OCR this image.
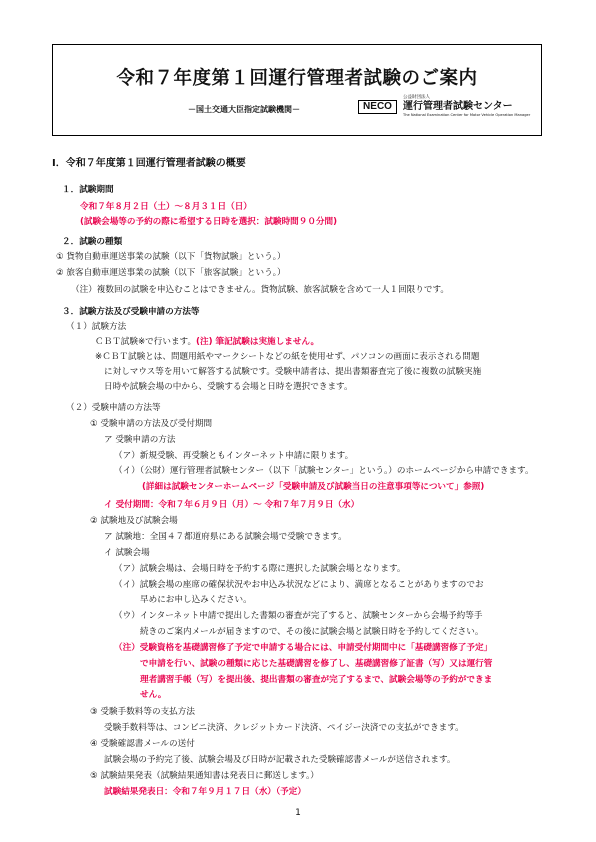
令和７年度第１回運行管理者試験のご案内
－国土交通大臣指定試験機関－	NECO
公益財団法人
運行管理者試験センター
The National Examination Center for Motor Vehicle Operation Manager
Ⅰ．令和７年度第１回運行管理者試験の概要
１．試験期間
令和７年８月２日（土）～８月３１日（日）
(試験会場等の予約の際に希望する日時を選択：試験時間９０分間)
２．試験の種類
① 貨物自動車運送事業の試験（以下「貨物試験」という。）
② 旅客自動車運送事業の試験（以下「旅客試験」という。）
（注）複数回の試験を申込むことはできません。貨物試験、旅客試験を含めて一人１回限りです。
３．試験方法及び受験申請の方法等
（１）試験方法
ＣＢＴ試験※で行います。(注) 筆記試験は実施しません。
※ＣＢＴ試験とは、問題用紙やマークシートなどの紙を使用せず、パソコンの画面に表示される問題
に対しマウス等を用いて解答する試験です。受験申請者は、提出書類審査完了後に複数の試験実施
日時や試験会場の中から、受験する会場と日時を選択できます。
（２）受験申請の方法等
① 受験申請の方法及び受付期間
ア 受験申請の方法
（ア）新規受験、再受験ともインターネット申請に限ります。
（イ）（公財）運行管理者試験センター（以下「試験センター」という。）のホームページから申請できます。
(詳細は試験センターホームページ「受験申請及び試験当日の注意事項等について」参照)
イ 受付期間：令和７年６月９日（月）～ 令和７年７月９日（水）
② 試験地及び試験会場
ア 試験地：全国４７都道府県にある試験会場で受験できます。
イ 試験会場
（ア）試験会場は、会場日時を予約する際に選択した試験会場となります。
（イ）試験会場の座席の確保状況やお申込み状況などにより、満席となることがありますのでお
早めにお申し込みください。
（ウ）インターネット申請で提出した書類の審査が完了すると、試験センターから会場予約等手
続きのご案内メールが届きますので、その後に試験会場と試験日時を予約してください。
（注）受験資格を基礎講習修了予定で申請する場合には、申請受付期間中に「基礎講習修了予定」
で申請を行い、試験の種類に応じた基礎講習を修了し、基礎講習修了証書（写）又は運行管
理者講習手帳（写）を提出後、提出書類の審査が完了するまで、試験会場等の予約ができま
せん。
③ 受験手数料等の支払方法
受験手数料等は、コンビニ決済、クレジットカード決済、ペイジー決済での支払ができます。
④ 受験確認書メールの送付
試験会場の予約完了後、試験会場及び日時が記載された受験確認書メールが送信されます。
⑤ 試験結果発表（試験結果通知書は発表日に郵送します。）
試験結果発表日：令和７年９月１７日（水）（予定）
1
